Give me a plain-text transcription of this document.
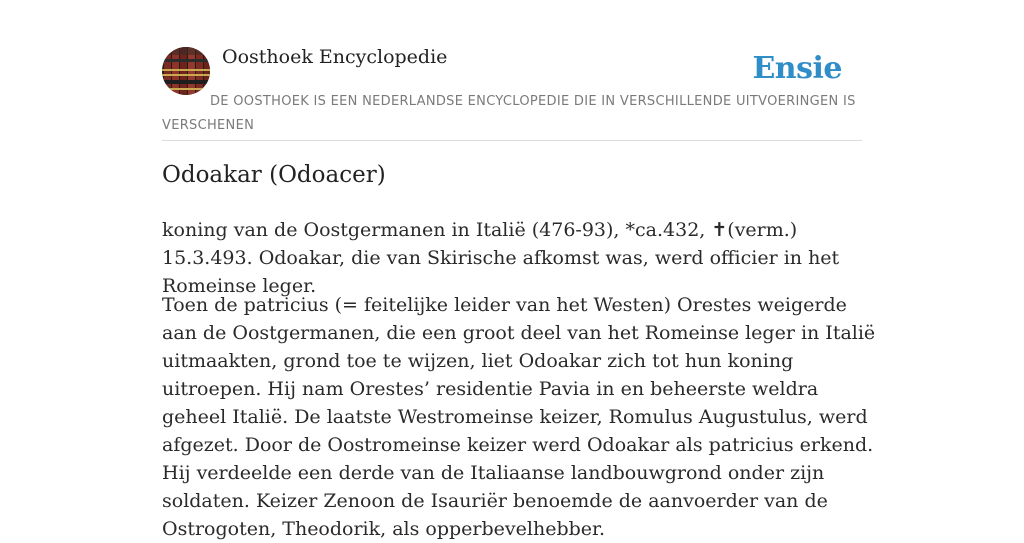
Oosthoek Encyclopedie	Ensie
DE OOSTHOEK IS EEN NEDERLANDSE ENCYCLOPEDIE DIE IN VERSCHILLENDE UITVOERINGEN IS VERSCHENEN
Odoakar (Odoacer)

koning van de Oostgermanen in Italië (476-93), *ca.432, ✝(verm.) 15.3.493. Odoakar, die van Skirische afkomst was, werd officier in het Romeinse leger.

Toen de patricius (= feitelijke leider van het Westen) Orestes weigerde aan de Oostgermanen, die een groot deel van het Romeinse leger in Italië uitmaakten, grond toe te wijzen, liet Odoakar zich tot hun koning uitroepen. Hij nam Orestes’ residentie Pavia in en beheerste weldra geheel Italië. De laatste Westromeinse keizer, Romulus Augustulus, werd afgezet. Door de Oostromeinse keizer werd Odoakar als patricius erkend. Hij verdeelde een derde van de Italiaanse landbouwgrond onder zijn soldaten. Keizer Zenoon de Isauriër benoemde de aanvoerder van de Ostrogoten, Theodorik, als opperbevelhebber.
